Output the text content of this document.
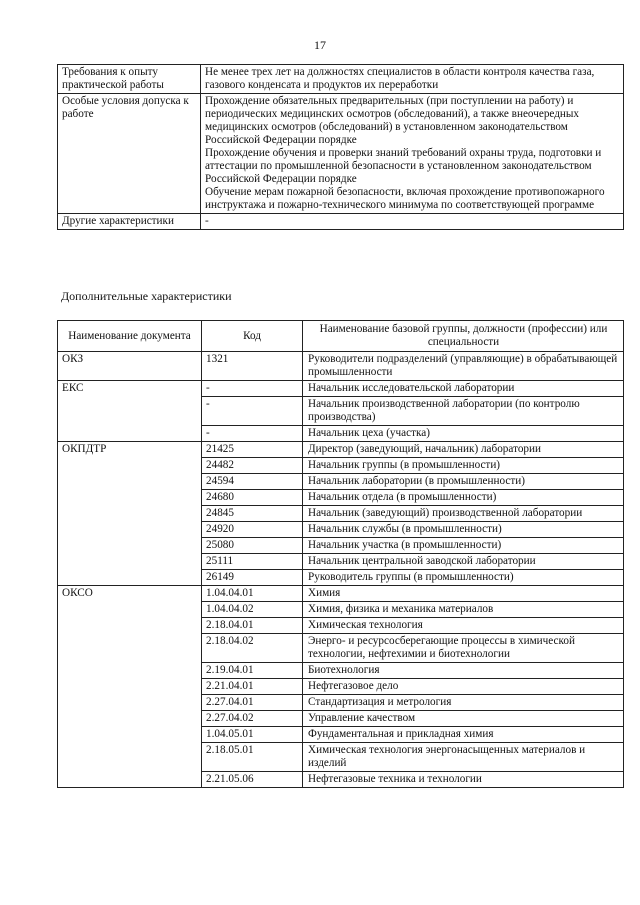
17
Требования к опыту практической работы	Не менее трех лет на должностях специалистов в области контроля качества газа, газового конденсата и продуктов их переработки

Особые условия допуска к работе	Прохождение обязательных предварительных (при поступлении на работу) и периодических медицинских осмотров (обследований), а также внеочередных медицинских осмотров (обследований) в установленном законодательством Российской Федерации порядке
Прохождение обучения и проверки знаний требований охраны труда, подготовки и аттестации по промышленной безопасности в установленном законодательством Российской Федерации порядке
Обучение мерам пожарной безопасности, включая прохождение противопожарного инструктажа и пожарно-технического минимума по соответствующей программе

Другие характеристики	-
Дополнительные характеристики
Наименование документа	Код	Наименование базовой группы, должности (профессии) или специальности
ОКЗ	1321	Руководители подразделений (управляющие) в обрабатывающей промышленности
ЕКС	-	Начальник исследовательской лаборатории
	-	Начальник производственной лаборатории (по контролю производства)
	-	Начальник цеха (участка)
ОКПДТР	21425	Директор (заведующий, начальник) лаборатории
	24482	Начальник группы (в промышленности)
	24594	Начальник лаборатории (в промышленности)
	24680	Начальник отдела (в промышленности)
	24845	Начальник (заведующий) производственной лаборатории
	24920	Начальник службы (в промышленности)
	25080	Начальник участка (в промышленности)
	25111	Начальник центральной заводской лаборатории
	26149	Руководитель группы (в промышленности)
ОКСО	1.04.04.01	Химия
	1.04.04.02	Химия, физика и механика материалов
	2.18.04.01	Химическая технология
	2.18.04.02	Энерго- и ресурсосберегающие процессы в химической технологии, нефтехимии и биотехнологии
	2.19.04.01	Биотехнология
	2.21.04.01	Нефтегазовое дело
	2.27.04.01	Стандартизация и метрология
	2.27.04.02	Управление качеством
	1.04.05.01	Фундаментальная и прикладная химия
	2.18.05.01	Химическая технология энергонасыщенных материалов и изделий
	2.21.05.06	Нефтегазовые техника и технологии
